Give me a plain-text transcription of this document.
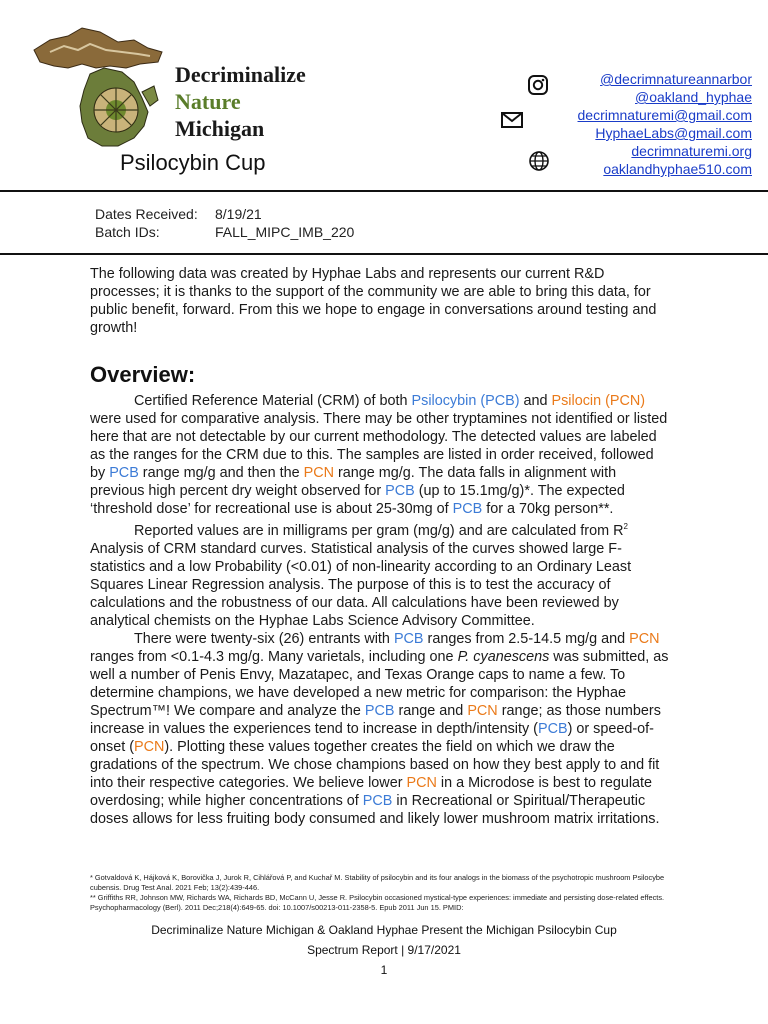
Decriminalize
Nature
Michigan
Psilocybin Cup
@decrimnatureannarbor
@oakland_hyphae
decrimnaturemi@gmail.com
HyphaeLabs@gmail.com
decrimnaturemi.org
oaklandhyphae510.com
Dates Received: 8/19/21
Batch IDs:	FALL_MIPC_IMB_220
The following data was created by Hyphae Labs and represents our current R&D processes; it is thanks to the support of the community we are able to bring this data, for public benefit, forward. From this we hope to engage in conversations around testing and growth!
Overview:

Certified Reference Material (CRM) of both Psilocybin (PCB) and Psilocin (PCN) were used for comparative analysis. There may be other tryptamines not identified or listed here that are not detectable by our current methodology. The detected values are labeled as the ranges for the CRM due to this. The samples are listed in order received, followed by PCB range mg/g and then the PCN range mg/g. The data falls in alignment with previous high percent dry weight observed for PCB (up to 15.1mg/g)*. The expected ‘threshold dose’ for recreational use is about 25-30mg of PCB for a 70kg person**.

Reported values are in milligrams per gram (mg/g) and are calculated from $R^2$ Analysis of CRM standard curves. Statistical analysis of the curves showed large F-statistics and a low Probability (<0.01) of non-linearity according to an Ordinary Least Squares Linear Regression analysis. The purpose of this is to test the accuracy of calculations and the robustness of our data. All calculations have been reviewed by analytical chemists on the Hyphae Labs Science Advisory Committee.

There were twenty-six (26) entrants with PCB ranges from 2.5-14.5 mg/g and PCN ranges from <0.1-4.3 mg/g. Many varietals, including one P. cyanescens was submitted, as well a number of Penis Envy, Mazatapec, and Texas Orange caps to name a few. To determine champions, we have developed a new metric for comparison: the Hyphae Spectrum™! We compare and analyze the PCB range and PCN range; as those numbers increase in values the experiences tend to increase in depth/intensity (PCB) or speed-of-onset (PCN). Plotting these values together creates the field on which we draw the gradations of the spectrum. We chose champions based on how they best apply to and fit into their respective categories. We believe lower PCN in a Microdose is best to regulate overdosing; while higher concentrations of PCB in Recreational or Spiritual/Therapeutic doses allows for less fruiting body consumed and likely lower mushroom matrix irritations.

* Gotvaldová K, Hájková K, Borovička J, Jurok R, Cihlářová P, and Kuchař M. Stability of psilocybin and its four analogs in the biomass of the psychotropic mushroom Psilocybe cubensis. Drug Test Anal. 2021 Feb; 13(2):439-446.
** Griffiths RR, Johnson MW, Richards WA, Richards BD, McCann U, Jesse R. Psilocybin occasioned mystical-type experiences: immediate and persisting dose-related effects. Psychopharmacology (Berl). 2011 Dec;218(4):649-65. doi: 10.1007/s00213-011-2358-5. Epub 2011 Jun 15. PMID:
Decriminalize Nature Michigan & Oakland Hyphae Present the Michigan Psilocybin Cup
Spectrum Report | 9/17/2021
1
